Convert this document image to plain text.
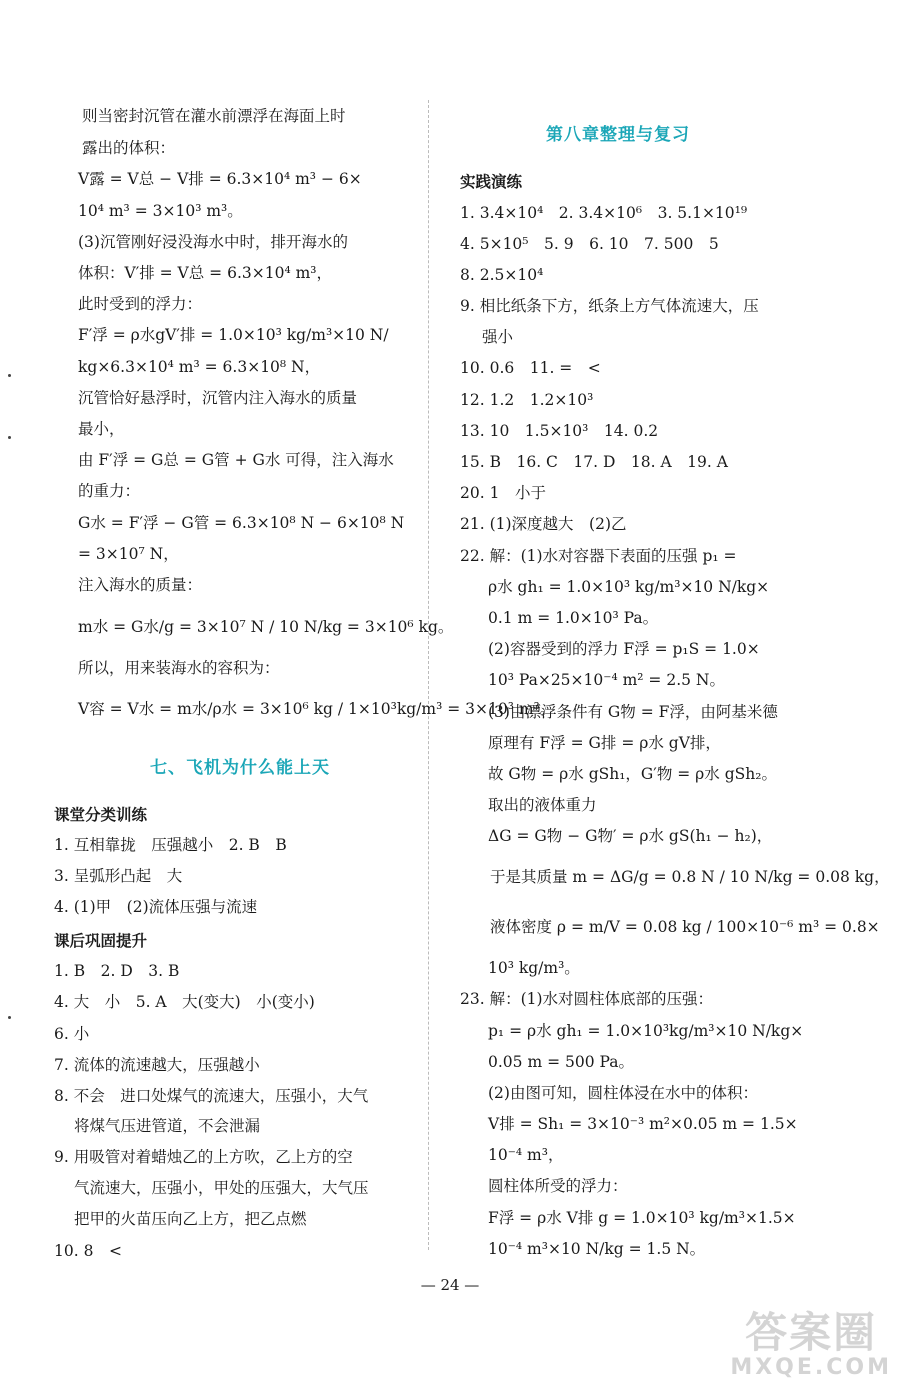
则当密封沉管在灌水前漂浮在海面上时
露出的体积：
V露 = V总 − V排 = 6.3×10⁴ m³ − 6×
10⁴ m³ = 3×10³ m³。
(3)沉管刚好浸没海水中时，排开海水的
体积：V′排 = V总 = 6.3×10⁴ m³，
此时受到的浮力：
F′浮 = ρ水gV′排 = 1.0×10³ kg/m³×10 N/
kg×6.3×10⁴ m³ = 6.3×10⁸ N，
沉管恰好悬浮时，沉管内注入海水的质量
最小，
由 F′浮 = G总 = G管 + G水 可得，注入海水
的重力：
G水 = F′浮 − G管 = 6.3×10⁸ N − 6×10⁸ N
= 3×10⁷ N，
注入海水的质量：
m水 = G水/g = 3×10⁷ N / 10 N/kg = 3×10⁶ kg。
所以，用来装海水的容积为：
V容 = V水 = m水/ρ水 = 3×10⁶ kg / 1×10³kg/m³ = 3×10³ m³。
七、飞机为什么能上天
课堂分类训练
课后巩固提升
1. 互相靠拢　压强越小　2. B　B
3. 呈弧形凸起　大
4. (1)甲　(2)流体压强与流速
1. B　2. D　3. B
4. 大　小　5. A　大(变大)　小(变小)
6. 小
7. 流体的流速越大，压强越小
8. 不会　进口处煤气的流速大，压强小，大气
将煤气压进管道，不会泄漏
9. 用吸管对着蜡烛乙的上方吹，乙上方的空
气流速大，压强小，甲处的压强大，大气压
把甲的火苗压向乙上方，把乙点燃
10. 8　<
第八章整理与复习
实践演练
1. 3.4×10⁴　2. 3.4×10⁶　3. 5.1×10¹⁹
4. 5×10⁵　5. 9　6. 10　7. 500　5
8. 2.5×10⁴
9. 相比纸条下方，纸条上方气体流速大，压
强小
10. 0.6　11. =　<
12. 1.2　1.2×10³
13. 10　1.5×10³　14. 0.2
15. B　16. C　17. D　18. A　19. A
20. 1　小于
21. (1)深度越大　(2)乙
22. 解：(1)水对容器下表面的压强 p₁ =
ρ水 gh₁ = 1.0×10³ kg/m³×10 N/kg×
0.1 m = 1.0×10³ Pa。
(2)容器受到的浮力 F浮 = p₁S = 1.0×
10³ Pa×25×10⁻⁴ m² = 2.5 N。
(3)由漂浮条件有 G物 = F浮，由阿基米德
原理有 F浮 = G排 = ρ水 gV排，
故 G物 = ρ水 gSh₁，G′物 = ρ水 gSh₂。
取出的液体重力
ΔG = G物 − G物′ = ρ水 gS(h₁ − h₂)，
于是其质量 m = ΔG/g = 0.8 N / 10 N/kg = 0.08 kg，
液体密度 ρ = m/V = 0.08 kg / 100×10⁻⁶ m³ = 0.8×
10³ kg/m³。
23. 解：(1)水对圆柱体底部的压强：
p₁ = ρ水 gh₁ = 1.0×10³kg/m³×10 N/kg×
0.05 m = 500 Pa。
(2)由图可知，圆柱体浸在水中的体积：
V排 = Sh₁ = 3×10⁻³ m²×0.05 m = 1.5×
10⁻⁴ m³，
圆柱体所受的浮力：
F浮 = ρ水 V排 g = 1.0×10³ kg/m³×1.5×
10⁻⁴ m³×10 N/kg = 1.5 N。
— 24 —
答案圈
MXQE.COM
